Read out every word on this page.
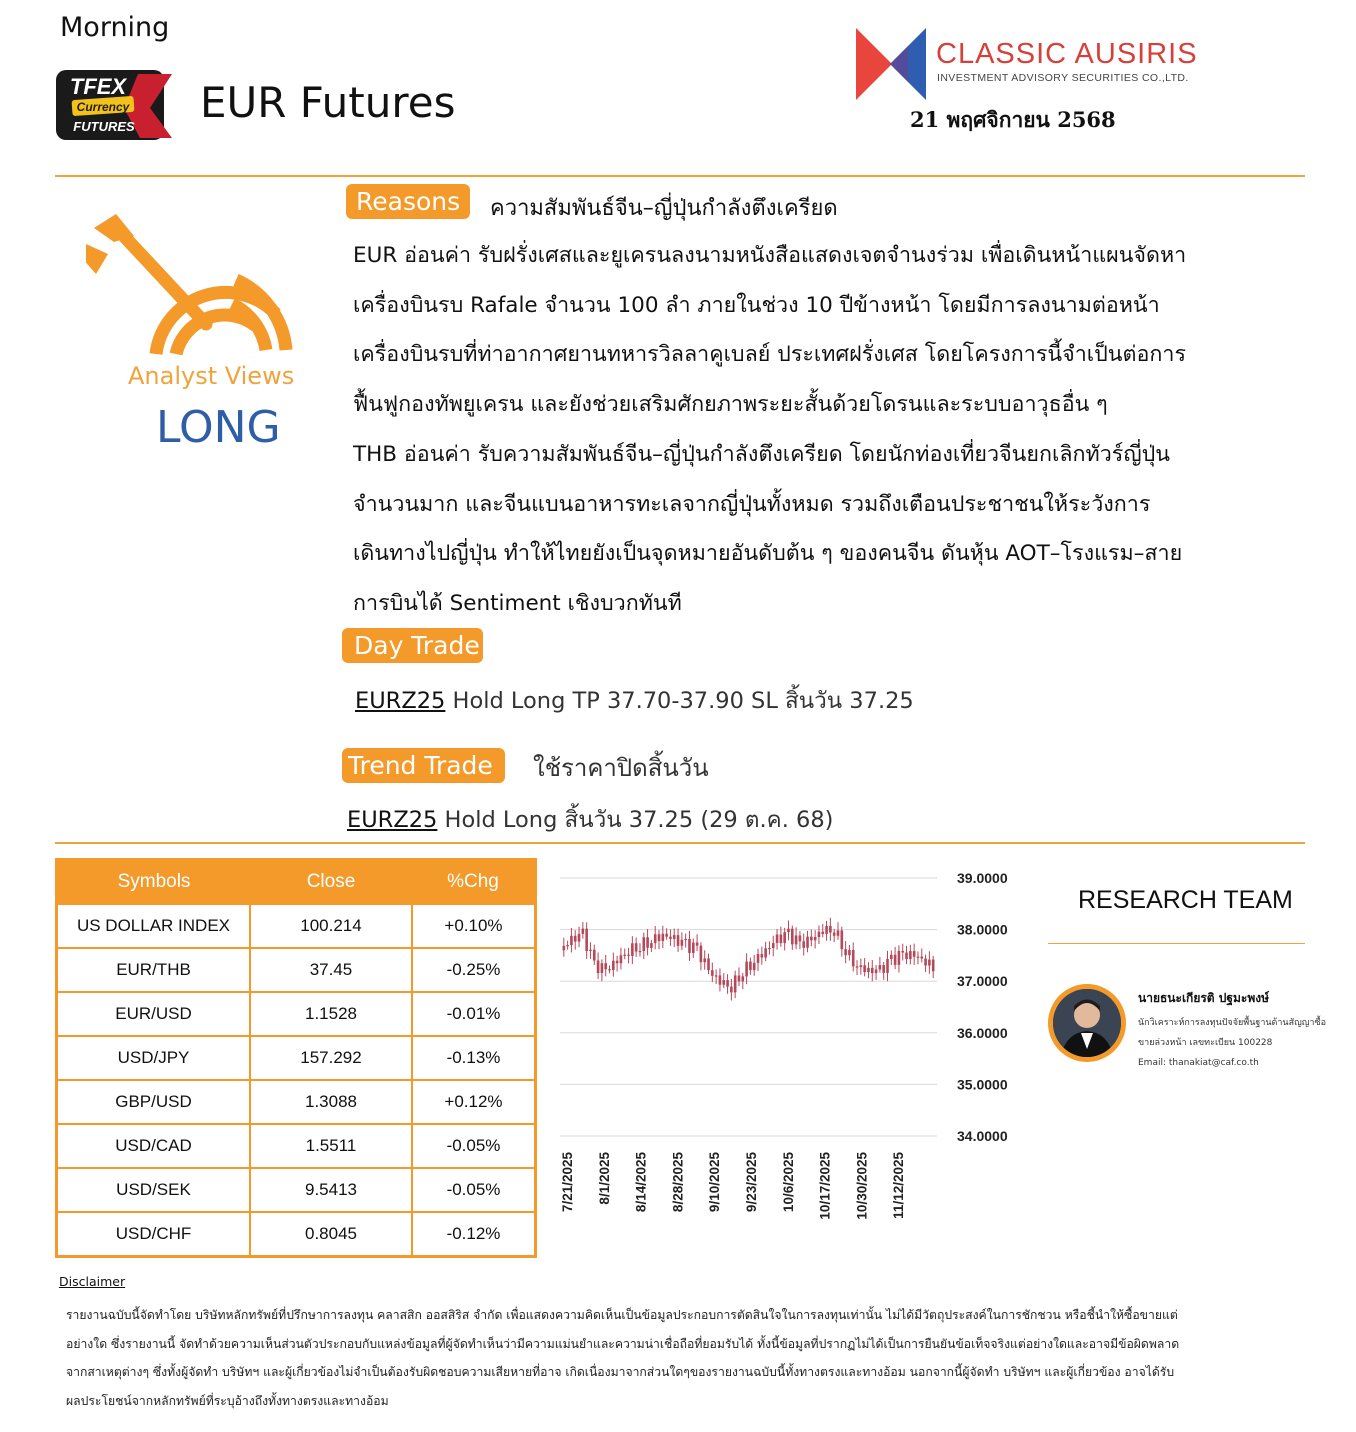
Morning
TFEX
Currency
FUTURES EUR Futures
CLASSIC AUSIRIS
INVESTMENT ADVISORY SECURITIES CO.,LTD.
21 พฤศจิกายน 2568
Analyst Views
LONG
Reasons	ความสัมพันธ์จีน–ญี่ปุ่นกำลังตึงเครียด
EUR อ่อนค่า รับฝรั่งเศสและยูเครนลงนามหนังสือแสดงเจตจำนงร่วม เพื่อเดินหน้าแผนจัดหา
เครื่องบินรบ Rafale จำนวน 100 ลำ ภายในช่วง 10 ปีข้างหน้า โดยมีการลงนามต่อหน้า
เครื่องบินรบที่ท่าอากาศยานทหารวิลลาคูเบลย์ ประเทศฝรั่งเศส โดยโครงการนี้จำเป็นต่อการ
ฟื้นฟูกองทัพยูเครน และยังช่วยเสริมศักยภาพระยะสั้นด้วยโดรนและระบบอาวุธอื่น ๆ
THB อ่อนค่า รับความสัมพันธ์จีน–ญี่ปุ่นกำลังตึงเครียด โดยนักท่องเที่ยวจีนยกเลิกทัวร์ญี่ปุ่น
จำนวนมาก และจีนแบนอาหารทะเลจากญี่ปุ่นทั้งหมด รวมถึงเตือนประชาชนให้ระวังการ
เดินทางไปญี่ปุ่น ทำให้ไทยยังเป็นจุดหมายอันดับต้น ๆ ของคนจีน ดันหุ้น AOT–โรงแรม–สาย
การบินได้ Sentiment เชิงบวกทันที
Day Trade
EURZ25 Hold Long TP 37.70-37.90 SL สิ้นวัน 37.25
Trend Trade	ใช้ราคาปิดสิ้นวัน
EURZ25 Hold Long สิ้นวัน 37.25 (29 ต.ค. 68)
Symbols	Close	%Chg
US DOLLAR INDEX	100.214	+0.10%
EUR/THB	37.45	-0.25%
EUR/USD	1.1528	-0.01%
USD/JPY	157.292	-0.13%
GBP/USD	1.3088	+0.12%
USD/CAD	1.5511	-0.05%
USD/SEK	9.5413	-0.05%
USD/CHF	0.8045	-0.12%
39.0000
38.0000
37.0000
36.0000
35.0000
34.0000
7/21/2025 8/1/2025 8/14/2025 8/28/2025 9/10/2025 9/23/2025 10/6/2025 10/17/2025 10/30/2025 11/12/2025
RESEARCH TEAM
นายธนะเกียรติ ปฐมะพงษ์
นักวิเคราะห์การลงทุนปัจจัยพื้นฐานด้านสัญญาซื้อ
ขายล่วงหน้า เลขทะเบียน 100228
Email: thanakiat@caf.co.th
Disclaimer
รายงานฉบับนี้จัดทำโดย บริษัทหลักทรัพย์ที่ปรึกษาการลงทุน คลาสสิก ออสสิริส จำกัด เพื่อแสดงความคิดเห็นเป็นข้อมูลประกอบการตัดสินใจในการลงทุนเท่านั้น ไม่ได้มีวัตถุประสงค์ในการชักชวน หรือชี้นำให้ซื้อขายแต่
อย่างใด ซึ่งรายงานนี้ จัดทำด้วยความเห็นส่วนตัวประกอบกับแหล่งข้อมูลที่ผู้จัดทำเห็นว่ามีความแม่นยำและความน่าเชื่อถือที่ยอมรับได้ ทั้งนี้ข้อมูลที่ปรากฏไม่ได้เป็นการยืนยันข้อเท็จจริงแต่อย่างใดและอาจมีข้อผิดพลาด
จากสาเหตุต่างๆ ซึ่งทั้งผู้จัดทำ บริษัทฯ และผู้เกี่ยวข้องไม่จำเป็นต้องรับผิดชอบความเสียหายที่อาจ เกิดเนื่องมาจากส่วนใดๆของรายงานฉบับนี้ทั้งทางตรงและทางอ้อม นอกจากนี้ผู้จัดทำ บริษัทฯ และผู้เกี่ยวข้อง อาจได้รับ
ผลประโยชน์จากหลักทรัพย์ที่ระบุอ้างถึงทั้งทางตรงและทางอ้อม
